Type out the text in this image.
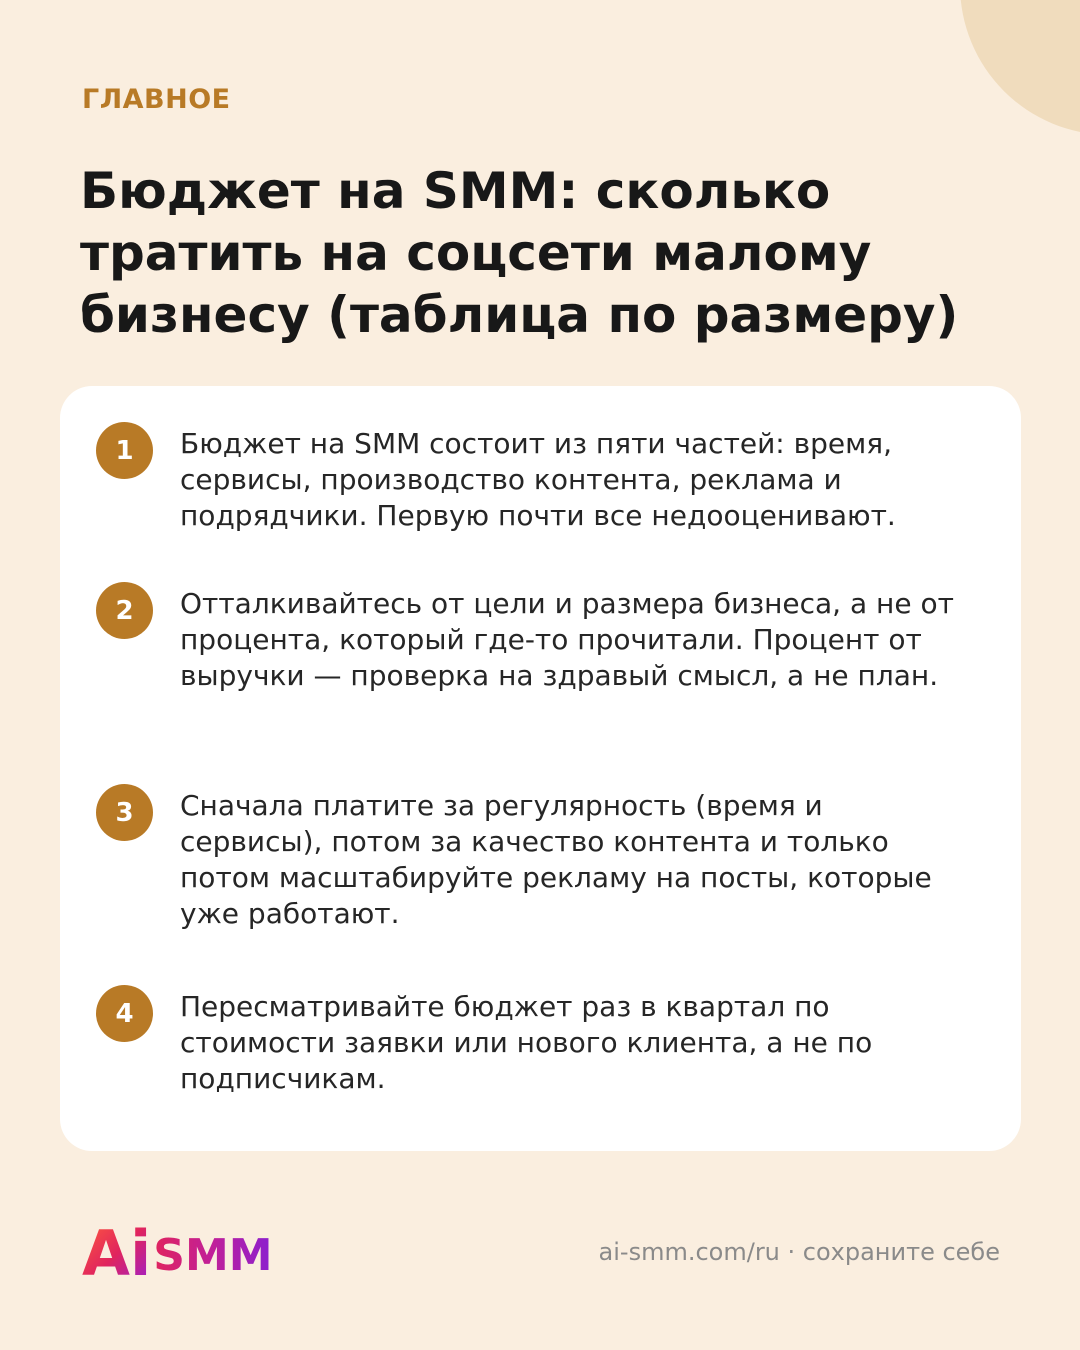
ГЛАВНОЕ
Бюджет на SMM: сколько тратить на соцсети малому бизнесу (таблица по размеру)
1	Бюджет на SMM состоит из пяти частей: время, сервисы, производство контента, реклама и подрядчики. Первую почти все недооценивают.
2	Отталкивайтесь от цели и размера бизнеса, а не от процента, который где-то прочитали. Процент от выручки — проверка на здравый смысл, а не план.
3	Сначала платите за регулярность (время и сервисы), потом за качество контента и только потом масштабируйте рекламу на посты, которые уже работают.
4	Пересматривайте бюджет раз в квартал по стоимости заявки или нового клиента, а не по подписчикам.
Ai SMM	ai-smm.com/ru · сохраните себе
